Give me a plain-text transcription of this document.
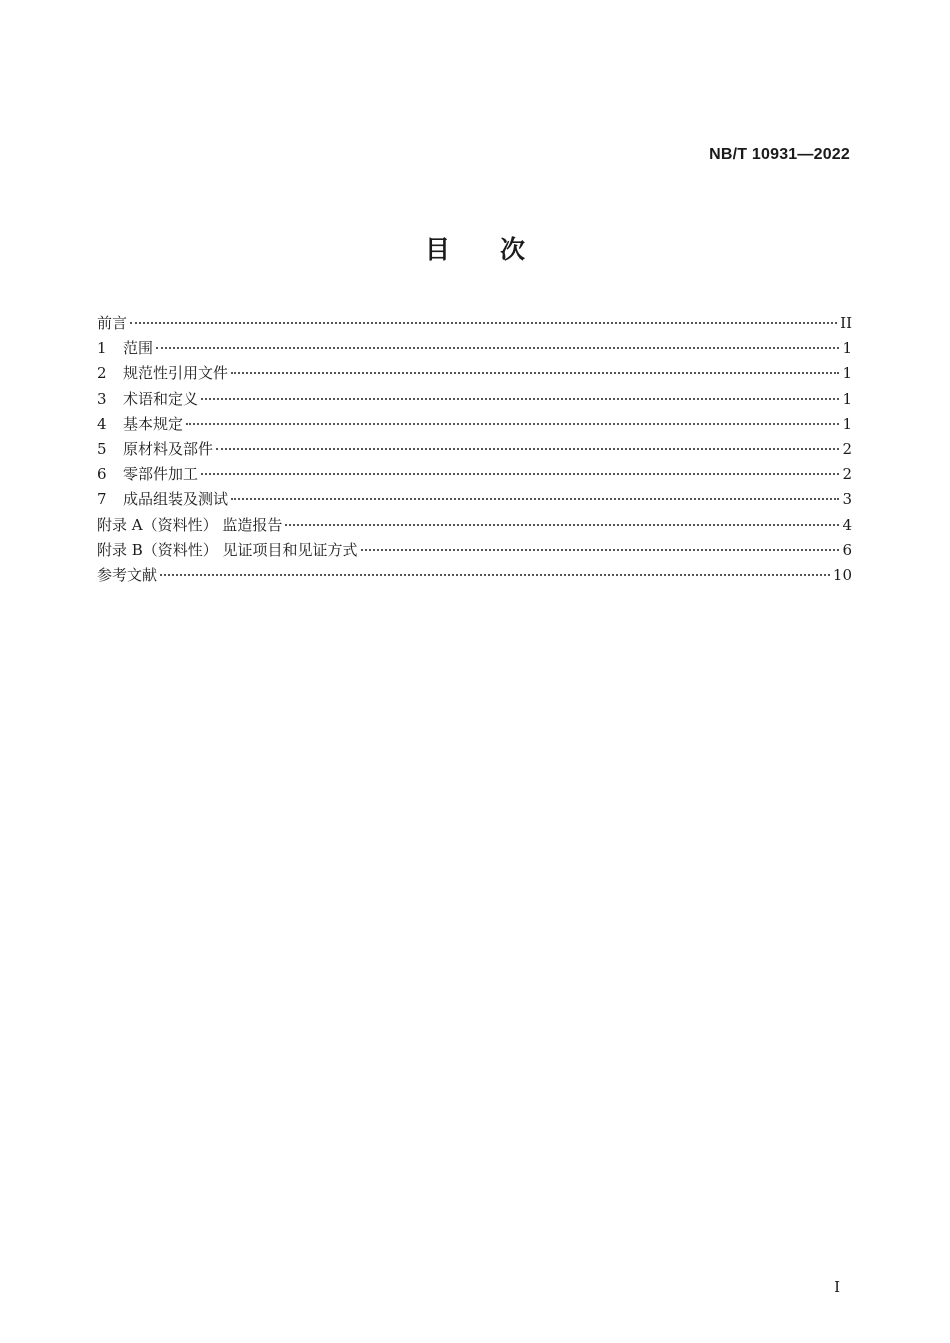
NB/T 10931—2022
目次
前言	II
1	范围	1
2	规范性引用文件	1
3	术语和定义	1
4	基本规定	1
5	原材料及部件	2
6	零部件加工	2
7	成品组装及测试	3
附录 A（资料性） 监造报告	4
附录 B（资料性） 见证项目和见证方式	6
参考文献	10
I
